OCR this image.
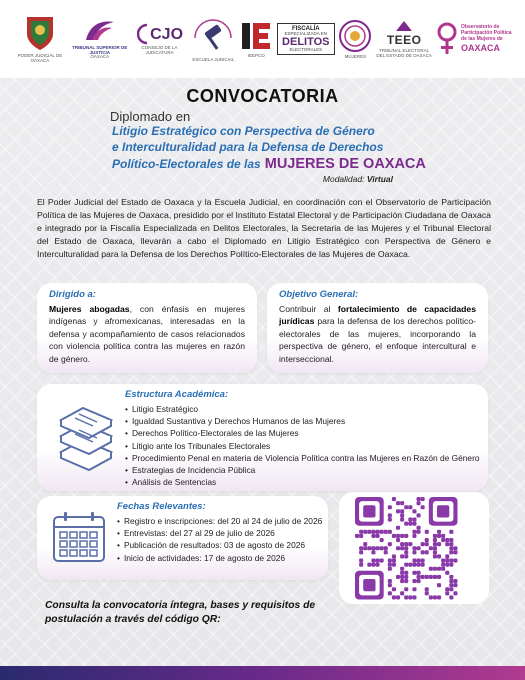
PODER JUDICIAL DE OAXACA
TRIBUNAL SUPERIOR DE JUSTICIA
OAXACA
CJO
CONSEJO DE LA JUDICATURA
ESCUELA JUDICIAL
IEEPCO
FISCALÍA
ESPECIALIZADA EN
DELITOS
ELECTORALES
MUJERES
TEEO
TRIBUNAL ELECTORAL DEL ESTADO DE OAXACA
Observatorio de Participación Política de las Mujeres de
OAXACA
CONVOCATORIA
Diplomado en
Litigio Estratégico con Perspectiva de Género
e Interculturalidad para la Defensa de Derechos
Político-Electorales de las MUJERES DE OAXACA
Modalidad: Virtual
El Poder Judicial del Estado de Oaxaca y la Escuela Judicial, en coordinación con el Observatorio de Participación Política de las Mujeres de Oaxaca, presidido por el Instituto Estatal Electoral y de Participación Ciudadana de Oaxaca e integrado por la Fiscalía Especializada en Delitos Electorales, la Secretaria de las Mujeres y el Tribunal Electoral del Estado de Oaxaca, llevarán a cabo el Diplomado en Litigio Estratégico con Perspectiva de Género e Interculturalidad para la Defensa de los Derechos Político-Electorales de las Mujeres de Oaxaca.
Dirigido a:
Mujeres abogadas, con énfasis en mujeres indígenas y afromexicanas, interesadas en la defensa y acompañamiento de casos relacionados con violencia política contra las mujeres en razón de género.
Objetivo General:
Contribuir al fortalecimiento de capacidades jurídicas para la defensa de los derechos político-electorales de las mujeres, incorporando la perspectiva de género, el enfoque intercultural e interseccional.
Estructura Académica:
• Litigio Estratégico
• Igualdad Sustantiva y Derechos Humanos de las Mujeres
• Derechos Político-Electorales de las Mujeres
• Litigio ante los Tribunales Electorales
• Procedimiento Penal en materia de Violencia Política contra las Mujeres en Razón de Género
• Estrategias de Incidencia Pública
• Análisis de Sentencias
Fechas Relevantes:
• Registro e inscripciones: del 20 al 24 de julio de 2026
• Entrevistas: del 27 al 29 de julio de 2026
• Publicación de resultados: 03 de agosto de 2026
• Inicio de actividades: 17 de agosto de 2026
Consulta la convocatoria íntegra, bases y requisitos de postulación a través del código QR:
